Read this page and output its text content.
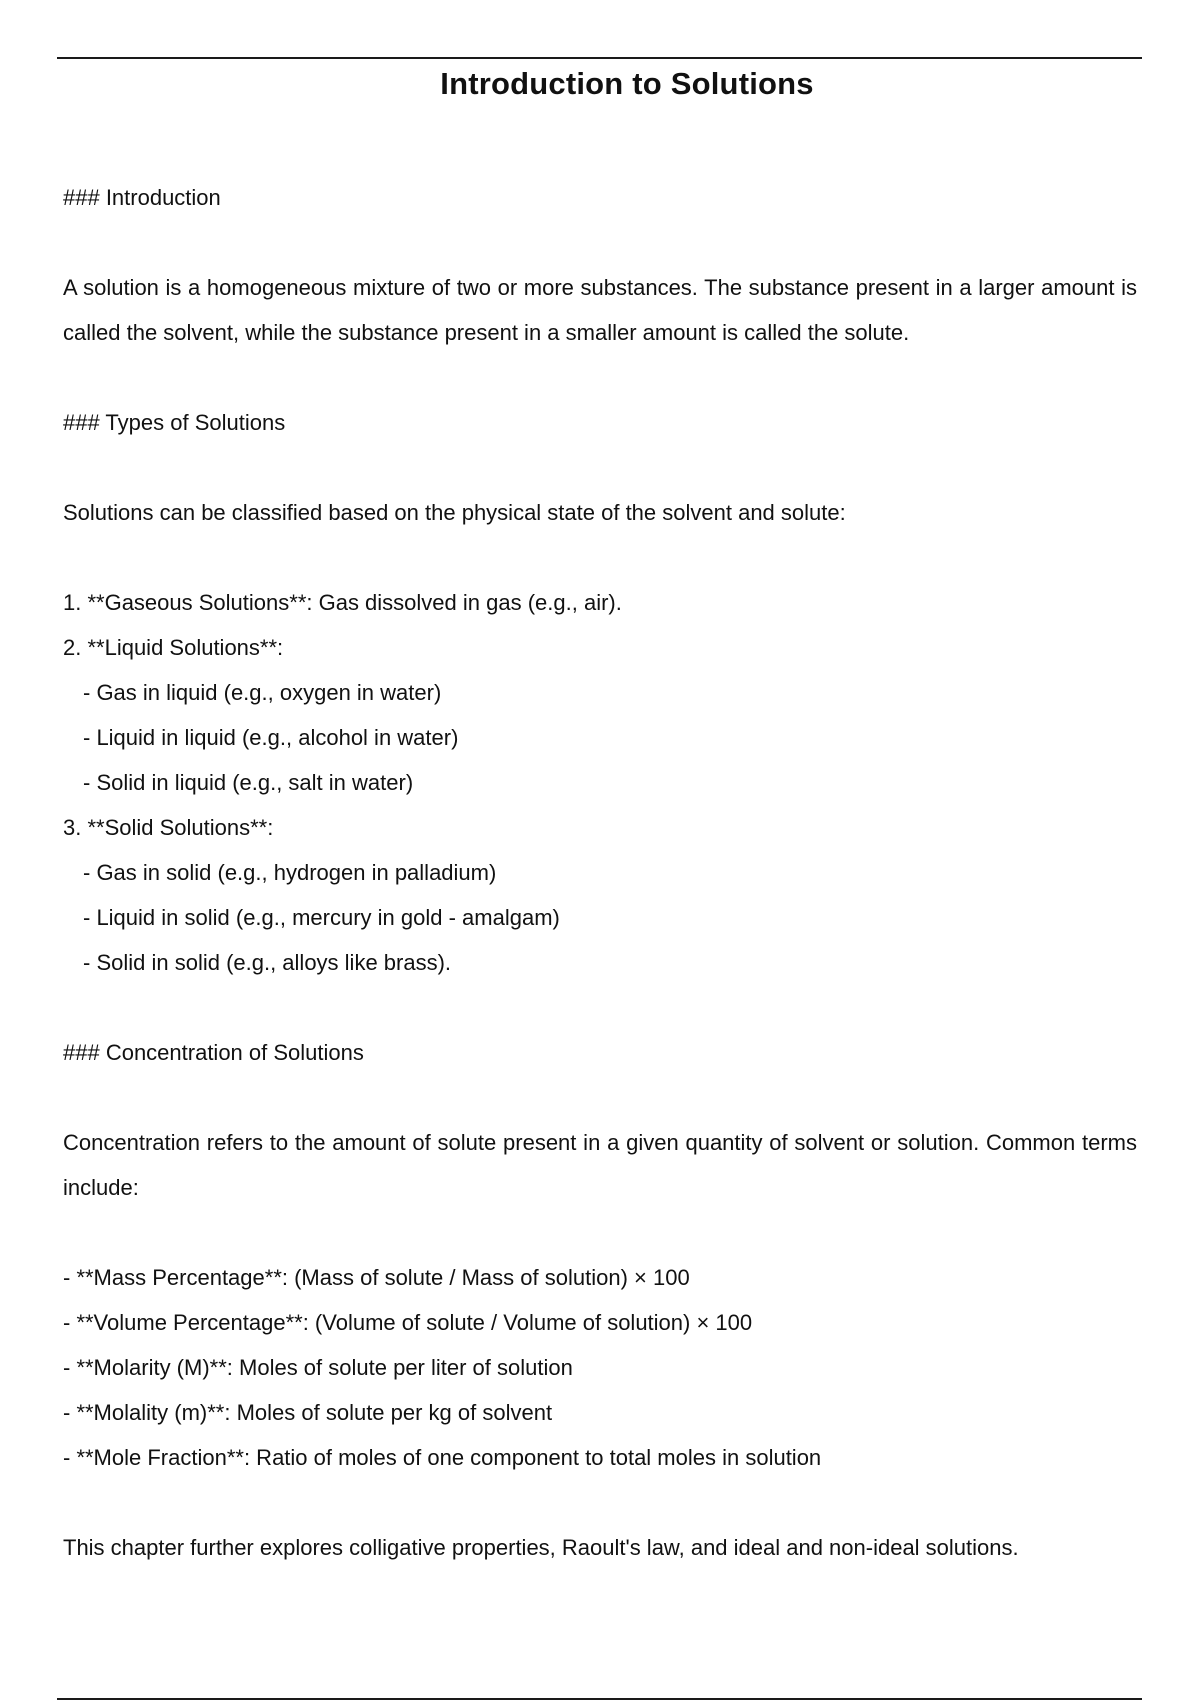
Introduction to Solutions

### Introduction

A solution is a homogeneous mixture of two or more substances. The substance present in a larger amount is called the solvent, while the substance present in a smaller amount is called the solute.

### Types of Solutions

Solutions can be classified based on the physical state of the solvent and solute:

1. **Gaseous Solutions**: Gas dissolved in gas (e.g., air).

2. **Liquid Solutions**:

- Gas in liquid (e.g., oxygen in water)

- Liquid in liquid (e.g., alcohol in water)

- Solid in liquid (e.g., salt in water)

3. **Solid Solutions**:

- Gas in solid (e.g., hydrogen in palladium)

- Liquid in solid (e.g., mercury in gold - amalgam)

- Solid in solid (e.g., alloys like brass).

### Concentration of Solutions

Concentration refers to the amount of solute present in a given quantity of solvent or solution. Common terms include:

- **Mass Percentage**: (Mass of solute / Mass of solution) × 100

- **Volume Percentage**: (Volume of solute / Volume of solution) × 100

- **Molarity (M)**: Moles of solute per liter of solution

- **Molality (m)**: Moles of solute per kg of solvent

- **Mole Fraction**: Ratio of moles of one component to total moles in solution

This chapter further explores colligative properties, Raoult's law, and ideal and non-ideal solutions.
